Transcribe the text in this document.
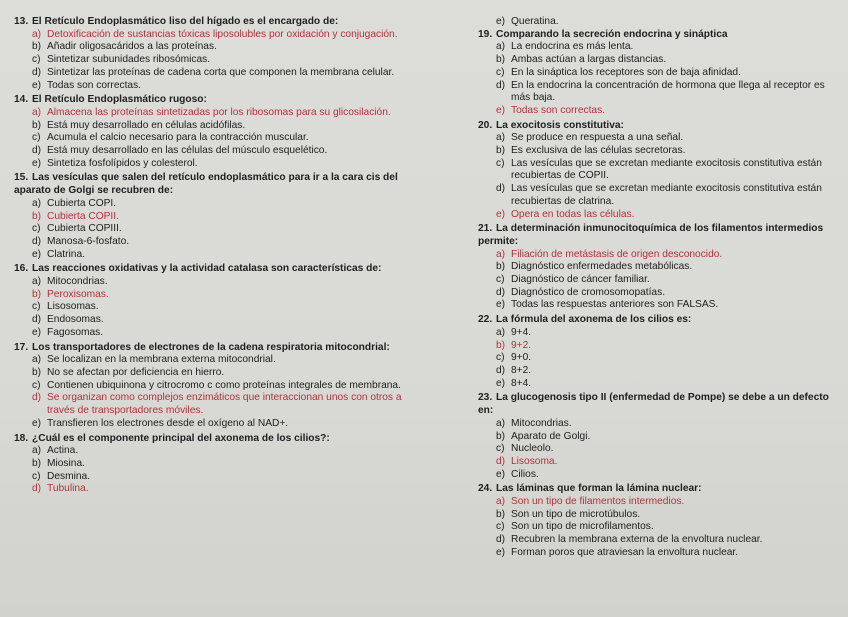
13. El Retículo Endoplasmático liso del hígado es el encargado de:
a) Detoxificación de sustancias tóxicas liposolubles por oxidación y conjugación.
b) Añadir oligosacáridos a las proteínas.
c) Sintetizar subunidades ribosómicas.
d) Sintetizar las proteínas de cadena corta que componen la membrana celular.
e) Todas son correctas.
14. El Retículo Endoplasmático rugoso:
a) Almacena las proteínas sintetizadas por los ribosomas para su glicosilación.
b) Está muy desarrollado en células acidófilas.
c) Acumula el calcio necesario para la contracción muscular.
d) Está muy desarrollado en las células del músculo esquelético.
e) Sintetiza fosfolípidos y colesterol.
15. Las vesículas que salen del retículo endoplasmático para ir a la cara cis del aparato de Golgi se recubren de:
a) Cubierta COPI.
b) Cubierta COPII.
c) Cubierta COPIII.
d) Manosa-6-fosfato.
e) Clatrina.
16. Las reacciones oxidativas y la actividad catalasa son características de:
a) Mitocondrias.
b) Peroxisomas.
c) Lisosomas.
d) Endosomas.
e) Fagosomas.
17. Los transportadores de electrones de la cadena respiratoria mitocondrial:
a) Se localizan en la membrana externa mitocondrial.
b) No se afectan por deficiencia en hierro.
c) Contienen ubiquinona y citrocromo c como proteínas integrales de membrana.
d) Se organizan como complejos enzimáticos que interaccionan unos con otros a través de transportadores móviles.
e) Transfieren los electrones desde el oxígeno al NAD+.
18. ¿Cuál es el componente principal del axonema de los cilios?:
a) Actina.
b) Miosina.
c) Desmina.
d) Tubulina.
e) Queratina.
19. Comparando la secreción endocrina y sináptica
a) La endocrina es más lenta.
b) Ambas actúan a largas distancias.
c) En la sináptica los receptores son de baja afinidad.
d) En la endocrina la concentración de hormona que llega al receptor es más baja.
e) Todas son correctas.
20. La exocitosis constitutiva:
a) Se produce en respuesta a una señal.
b) Es exclusiva de las células secretoras.
c) Las vesículas que se excretan mediante exocitosis constitutiva están recubiertas de COPII.
d) Las vesículas que se excretan mediante exocitosis constitutiva están recubiertas de clatrina.
e) Opera en todas las células.
21. La determinación inmunocitoquímica de los filamentos intermedios permite:
a) Filiación de metástasis de origen desconocido.
b) Diagnóstico enfermedades metabólicas.
c) Diagnóstico de cáncer familiar.
d) Diagnóstico de cromosomopatías.
e) Todas las respuestas anteriores son FALSAS.
22. La fórmula del axonema de los cilios es:
a) 9+4.
b) 9+2.
c) 9+0.
d) 8+2.
e) 8+4.
23. La glucogenosis tipo II (enfermedad de Pompe) se debe a un defecto en:
a) Mitocondrias.
b) Aparato de Golgi.
c) Nucleolo.
d) Lisosoma.
e) Cilios.
24. Las láminas que forman la lámina nuclear:
a) Son un tipo de filamentos intermedios.
b) Son un tipo de microtúbulos.
c) Son un tipo de microfilamentos.
d) Recubren la membrana externa de la envoltura nuclear.
e) Forman poros que atraviesan la envoltura nuclear.
